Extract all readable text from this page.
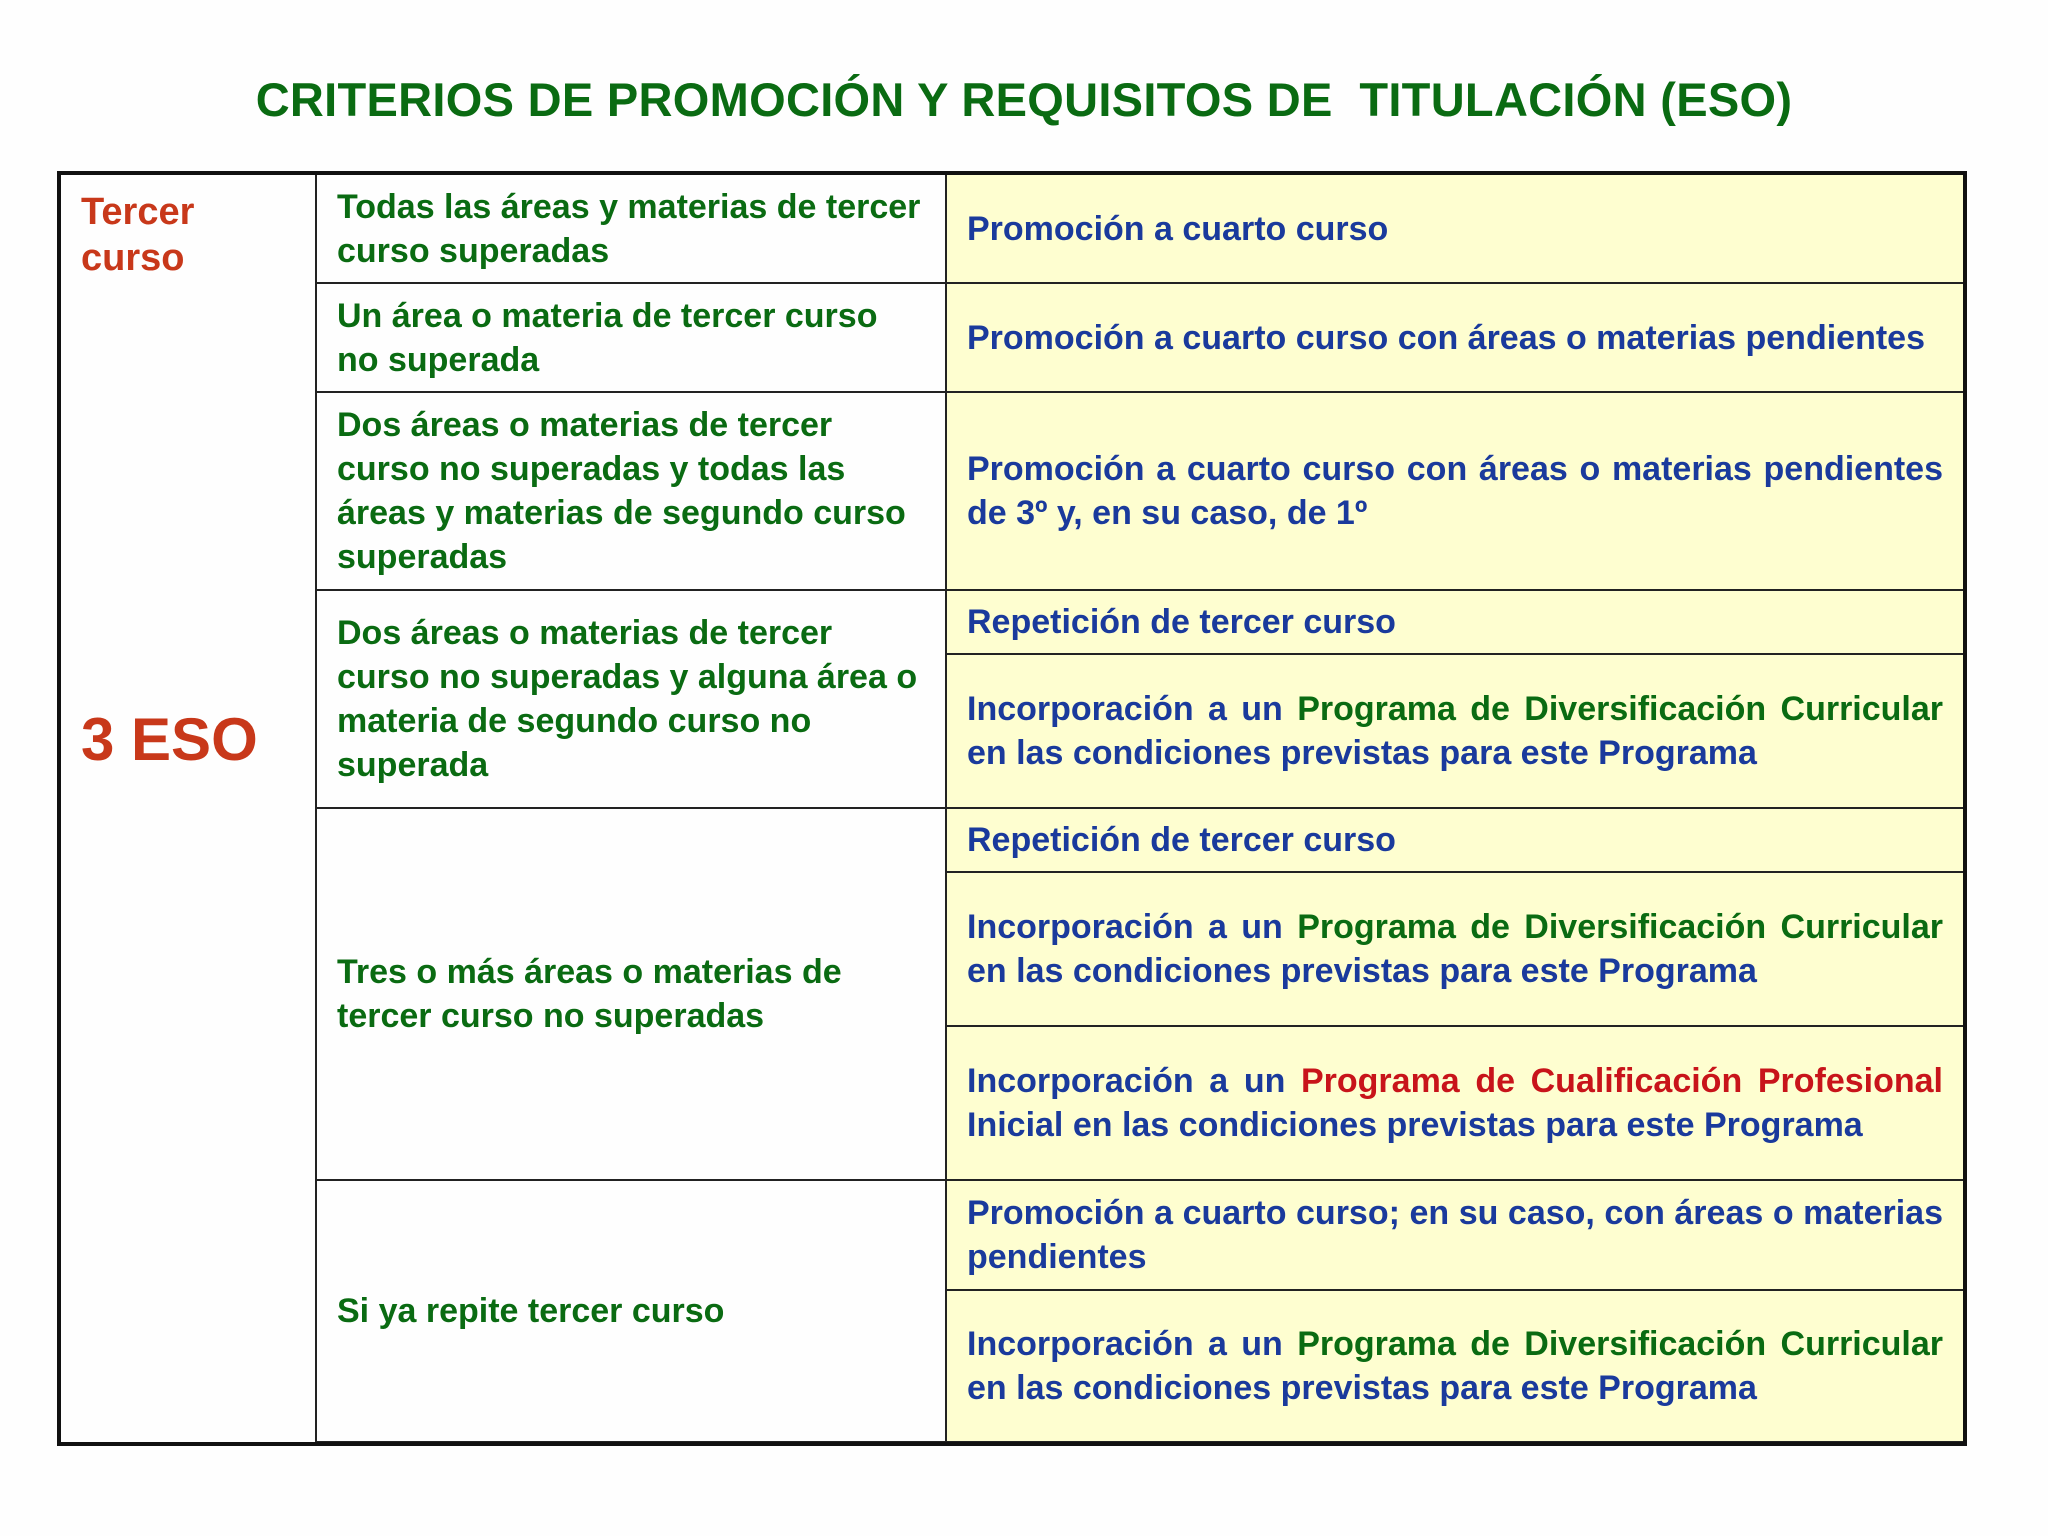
CRITERIOS DE PROMOCIÓN Y REQUISITOS DE  TITULACIÓN (ESO)
Tercer curso
3 ESO	Todas las áreas y materias de tercer curso superadas	Promoción a cuarto curso
	Un área o materia de tercer curso no superada	Promoción a cuarto curso con áreas o materias pendientes
	Dos áreas o materias de tercer curso no superadas y todas las áreas y materias de segundo curso superadas	Promoción a cuarto curso con áreas o materias pendientes de 3º y, en su caso, de 1º
	Dos áreas o materias de tercer curso no superadas y alguna área o materia de segundo curso no superada	Repetición de tercer curso
		Incorporación a un Programa de Diversificación Curricular en las condiciones previstas para este Programa
	Tres o más áreas o materias de tercer curso no superadas	Repetición de tercer curso
		Incorporación a un Programa de Diversificación Curricular en las condiciones previstas para este Programa
		Incorporación a un Programa de Cualificación Profesional Inicial en las condiciones previstas para este Programa
	Si ya repite tercer curso	Promoción a cuarto curso; en su caso, con áreas o materias pendientes
		Incorporación a un Programa de Diversificación Curricular en las condiciones previstas para este Programa
